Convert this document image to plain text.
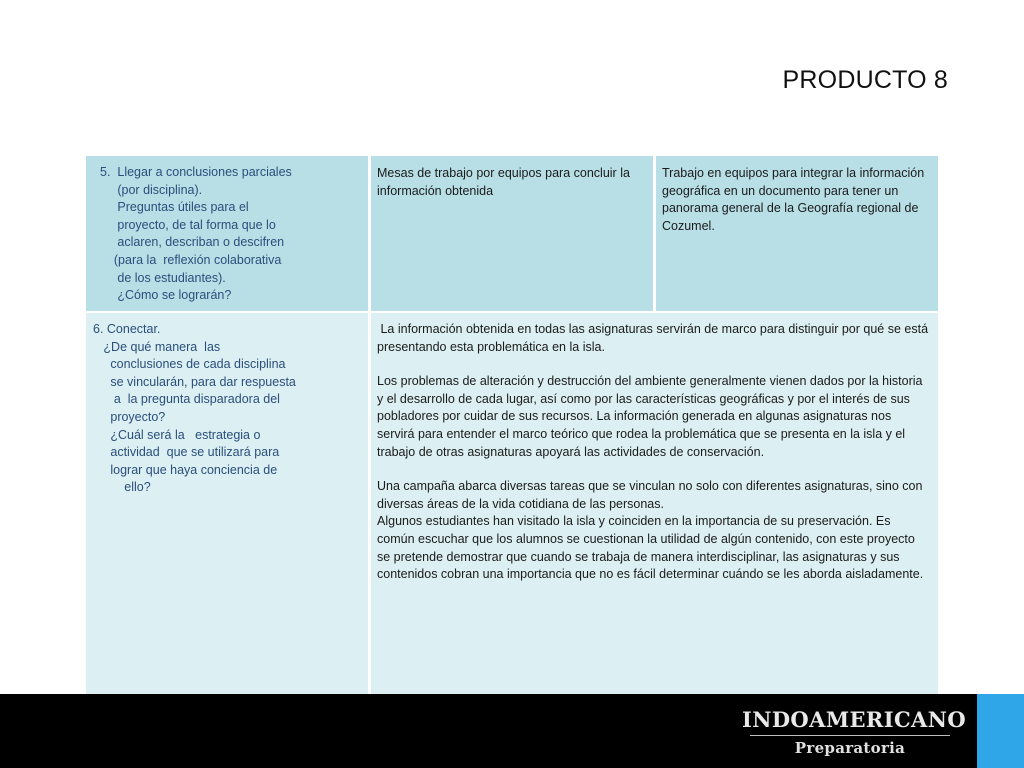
PRODUCTO 8
5.  Llegar a conclusiones parciales
(por disciplina).
Preguntas útiles para el
proyecto, de tal forma que lo
aclaren, describan o descifren
(para la  reflexión colaborativa
de los estudiantes).
¿Cómo se lograrán?
Mesas de trabajo por equipos para concluir la información obtenida
Trabajo en equipos para integrar la información geográfica en un documento para tener un panorama general de la Geografía regional de Cozumel.
6. Conectar.
¿De qué manera  las
conclusiones de cada disciplina
se vincularán, para dar respuesta
a  la pregunta disparadora del
proyecto?
¿Cuál será la   estrategia o
actividad  que se utilizará para
lograr que haya conciencia de
ello?
La información obtenida en todas las asignaturas servirán de marco para distinguir por qué se está presentando esta problemática en la isla.
Los problemas de alteración y destrucción del ambiente generalmente vienen dados por la historia y el desarrollo de cada lugar, así como por las características geográficas y por el interés de sus pobladores por cuidar de sus recursos. La información generada en algunas asignaturas nos servirá para entender el marco teórico que rodea la problemática que se presenta en la isla y el trabajo de otras asignaturas apoyará las actividades de conservación.
Una campaña abarca diversas tareas que se vinculan no solo con diferentes asignaturas, sino con diversas áreas de la vida cotidiana de las personas.
Algunos estudiantes han visitado la isla y coinciden en la importancia de su preservación. Es común escuchar que los alumnos se cuestionan la utilidad de algún contenido, con este proyecto se pretende demostrar que cuando se trabaja de manera interdisciplinar, las asignaturas y sus contenidos cobran una importancia que no es fácil determinar cuándo se les aborda aisladamente.
INDOAMERICANO
Preparatoria
